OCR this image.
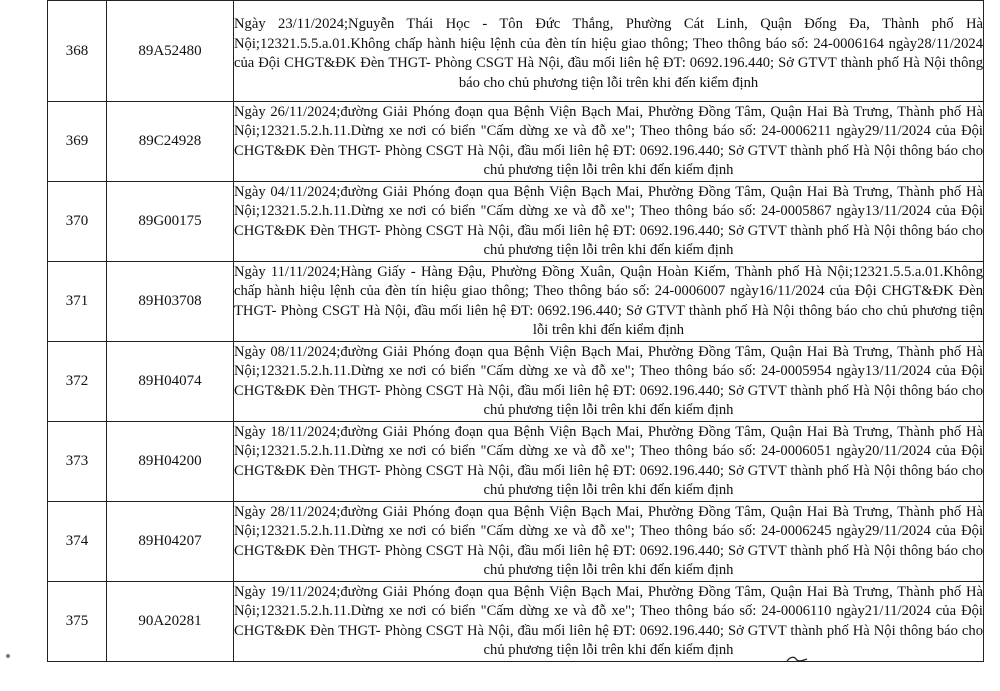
368	89A52480	Ngày 23/11/2024;Nguyễn Thái Học - Tôn Đức Thắng, Phường Cát Linh, Quận Đống Đa, Thành phố Hà Nội;12321.5.5.a.01.Không chấp hành hiệu lệnh của đèn tín hiệu giao thông; Theo thông báo số: 24-0006164 ngày28/11/2024 của Đội CHGT&ĐK Đèn THGT- Phòng CSGT Hà Nội, đầu mối liên hệ ĐT: 0692.196.440; Sở GTVT thành phố Hà Nội thông báo cho chủ phương tiện lỗi trên khi đến kiểm định
369	89C24928	Ngày 26/11/2024;đường Giải Phóng đoạn qua Bệnh Viện Bạch Mai, Phường Đồng Tâm, Quận Hai Bà Trưng, Thành phố Hà Nội;12321.5.2.h.11.Dừng xe nơi có biển "Cấm dừng xe và đỗ xe"; Theo thông báo số: 24-0006211 ngày29/11/2024 của Đội CHGT&ĐK Đèn THGT- Phòng CSGT Hà Nội, đầu mối liên hệ ĐT: 0692.196.440; Sở GTVT thành phố Hà Nội thông báo cho chủ phương tiện lỗi trên khi đến kiểm định
370	89G00175	Ngày 04/11/2024;đường Giải Phóng đoạn qua Bệnh Viện Bạch Mai, Phường Đồng Tâm, Quận Hai Bà Trưng, Thành phố Hà Nội;12321.5.2.h.11.Dừng xe nơi có biển "Cấm dừng xe và đỗ xe"; Theo thông báo số: 24-0005867 ngày13/11/2024 của Đội CHGT&ĐK Đèn THGT- Phòng CSGT Hà Nội, đầu mối liên hệ ĐT: 0692.196.440; Sở GTVT thành phố Hà Nội thông báo cho chủ phương tiện lỗi trên khi đến kiểm định
371	89H03708	Ngày 11/11/2024;Hàng Giấy - Hàng Đậu, Phường Đồng Xuân, Quận Hoàn Kiếm, Thành phố Hà Nội;12321.5.5.a.01.Không chấp hành hiệu lệnh của đèn tín hiệu giao thông; Theo thông báo số: 24-0006007 ngày16/11/2024 của Đội CHGT&ĐK Đèn THGT- Phòng CSGT Hà Nội, đầu mối liên hệ ĐT: 0692.196.440; Sở GTVT thành phố Hà Nội thông báo cho chủ phương tiện lỗi trên khi đến kiểm định
372	89H04074	Ngày 08/11/2024;đường Giải Phóng đoạn qua Bệnh Viện Bạch Mai, Phường Đồng Tâm, Quận Hai Bà Trưng, Thành phố Hà Nội;12321.5.2.h.11.Dừng xe nơi có biển "Cấm dừng xe và đỗ xe"; Theo thông báo số: 24-0005954 ngày13/11/2024 của Đội CHGT&ĐK Đèn THGT- Phòng CSGT Hà Nội, đầu mối liên hệ ĐT: 0692.196.440; Sở GTVT thành phố Hà Nội thông báo cho chủ phương tiện lỗi trên khi đến kiểm định
373	89H04200	Ngày 18/11/2024;đường Giải Phóng đoạn qua Bệnh Viện Bạch Mai, Phường Đồng Tâm, Quận Hai Bà Trưng, Thành phố Hà Nội;12321.5.2.h.11.Dừng xe nơi có biển "Cấm dừng xe và đỗ xe"; Theo thông báo số: 24-0006051 ngày20/11/2024 của Đội CHGT&ĐK Đèn THGT- Phòng CSGT Hà Nội, đầu mối liên hệ ĐT: 0692.196.440; Sở GTVT thành phố Hà Nội thông báo cho chủ phương tiện lỗi trên khi đến kiểm định
374	89H04207	Ngày 28/11/2024;đường Giải Phóng đoạn qua Bệnh Viện Bạch Mai, Phường Đồng Tâm, Quận Hai Bà Trưng, Thành phố Hà Nội;12321.5.2.h.11.Dừng xe nơi có biển "Cấm dừng xe và đỗ xe"; Theo thông báo số: 24-0006245 ngày29/11/2024 của Đội CHGT&ĐK Đèn THGT- Phòng CSGT Hà Nội, đầu mối liên hệ ĐT: 0692.196.440; Sở GTVT thành phố Hà Nội thông báo cho chủ phương tiện lỗi trên khi đến kiểm định
375	90A20281	Ngày 19/11/2024;đường Giải Phóng đoạn qua Bệnh Viện Bạch Mai, Phường Đồng Tâm, Quận Hai Bà Trưng, Thành phố Hà Nội;12321.5.2.h.11.Dừng xe nơi có biển "Cấm dừng xe và đỗ xe"; Theo thông báo số: 24-0006110 ngày21/11/2024 của Đội CHGT&ĐK Đèn THGT- Phòng CSGT Hà Nội, đầu mối liên hệ ĐT: 0692.196.440; Sở GTVT thành phố Hà Nội thông báo cho chủ phương tiện lỗi trên khi đến kiểm định
